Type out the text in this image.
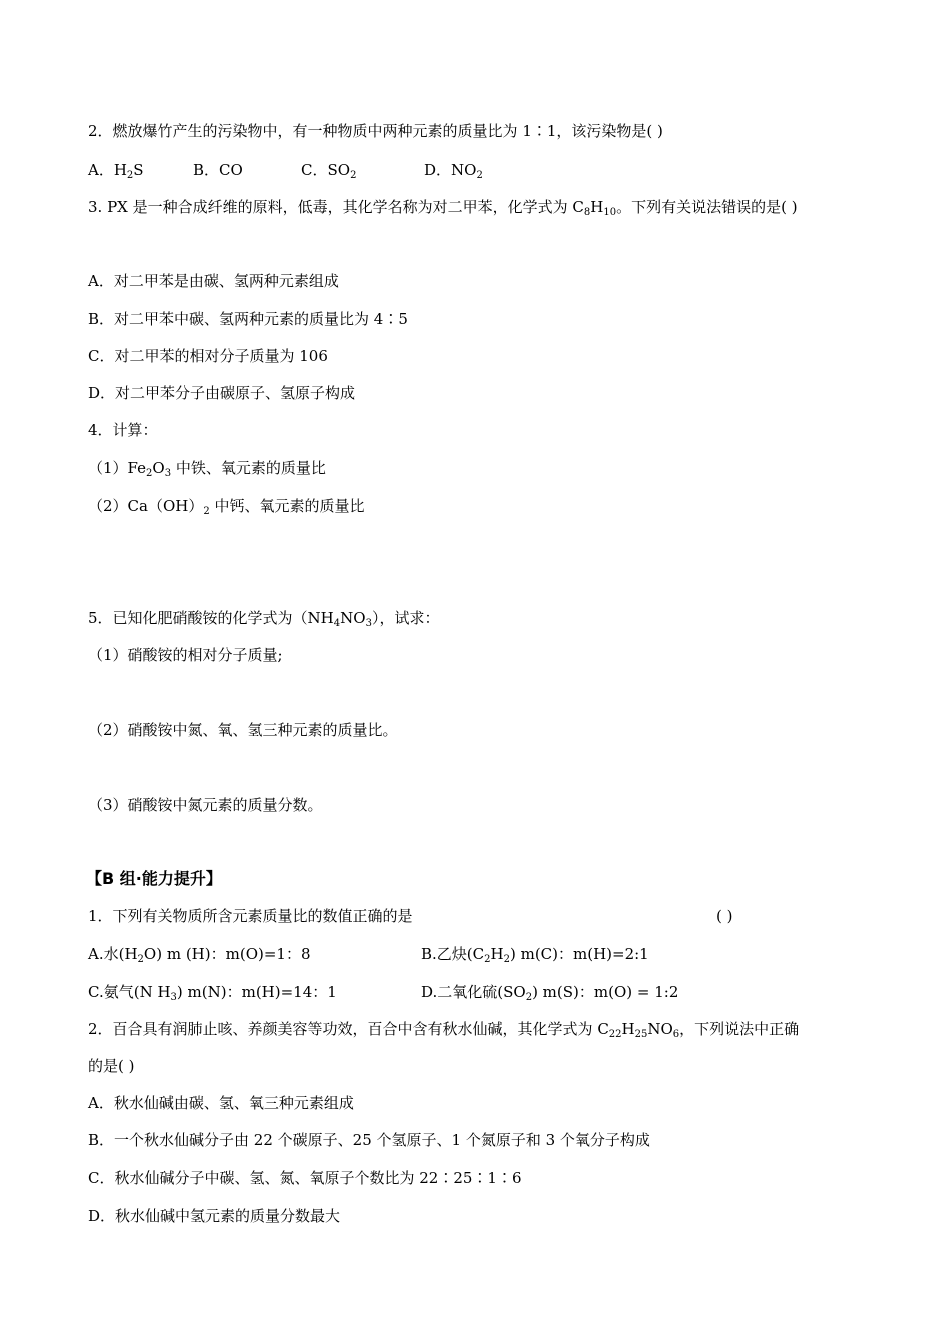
2．燃放爆竹产生的污染物中，有一种物质中两种元素的质量比为 1∶1，该污染物是( )
A．$H_2S$	B．CO	C．$SO_2$	D．$NO_2$
3. PX 是一种合成纤维的原料，低毒，其化学名称为对二甲苯，化学式为 $C_8H_{10}$。下列有关说法错误的是( )
A．对二甲苯是由碳、氢两种元素组成
B．对二甲苯中碳、氢两种元素的质量比为 4∶5
C．对二甲苯的相对分子质量为 106
D．对二甲苯分子由碳原子、氢原子构成
4．计算：
$(1)Fe_2O_3$ 中铁、氧元素的质量比
$(2)Ca(OH)_2$ 中钙、氧元素的质量比
5．已知化肥硝酸铵的化学式为$(NH_4NO_3)$，试求：
（1）硝酸铵的相对分子质量;
（2）硝酸铵中氮、氧、氢三种元素的质量比。
（3）硝酸铵中氮元素的质量分数。
【B 组·能力提升】
1．下列有关物质所含元素质量比的数值正确的是	( )
A.水$(H_2O)$ m (H)：m(O)=1：8	B.乙炔$(C_2H_2)$ m(C)：m(H)=2:1
C.氨气(N $H_3$) m(N)：m(H)=14：1	D.二氧化硫$(SO_2)$ m(S)：m(O) = 1:2
2．百合具有润肺止咳、养颜美容等功效，百合中含有秋水仙碱，其化学式为 $C_{22}H_{25}NO_6$，下列说法中正确
的是( )
A．秋水仙碱由碳、氢、氧三种元素组成
B．一个秋水仙碱分子由 22 个碳原子、25 个氢原子、1 个氮原子和 3 个氧分子构成
C．秋水仙碱分子中碳、氢、氮、氧原子个数比为 22∶25∶1∶6
D．秋水仙碱中氢元素的质量分数最大
